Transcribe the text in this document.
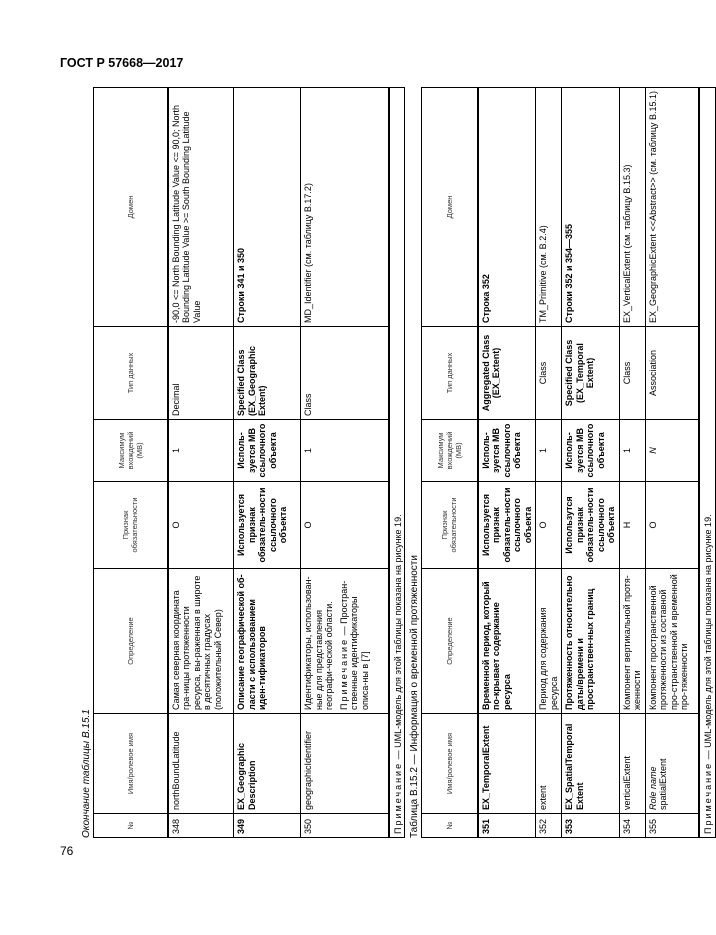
ГОСТ Р 57668—2017
Окончание таблицы В.15.1	№	Имя/ролевое имя	Определение	Признак обязательности	Максимум вхождений (МВ)	Тип данных	Домен
348	northBoundLatitude	Самая северная координата гра-ницы протяженности ресурса, вы-раженная в широте в десятичных градусах (положительный Север)	O	1	Decimal	-90,0 <= North Bounding Latitude Value <= 90,0; North Bounding Latitude Value >= South Bounding Latitude Value
349	EX_Geographic Description	Описание географической об-ласти с использованием иден-тификаторов	Используется признак обязатель-ности ссылочного объекта	Исполь-зуется МВ ссылочного объекта	Specified Class (EX_Geographic Extent)	Строки 341 и 350
350	geographicIdentifier	Идентификаторы, использован-ные для представления географи-ческой области. Примечание — Простран-ственные идентификаторы описа-ны в [7]	O	1	Class	MD_Identifier (см. таблицу В.17.2)
Примечание — UML-модель для этой таблицы показана на рисунке 19.						Таблица В.15.2 — Информация о временной протяженности	№	Имя/ролевое имя	Определение	Признак обязательности	Максимум вхождений (МВ)	Тип данных	Домен
351	EX_TemporalExtent	Временной период, который по-крывает содержание ресурса	Используется признак обязатель-ности ссылочного объекта	Исполь-зуется МВ ссылочного объекта	Aggregated Class (EX_Extent)	Строка 352
352	extent	Период для содержания ресурса	O	1	Class	TM_Primitive (см. В.2.4)
353	EX_SpatialTemporal Extent	Протяженность относительно даты/времени и пространствен-ных границ	Использутся признак обязатель-ности ссылочного объекта	Исполь-зуется МВ ссылочного объекта	Specified Class (EX_Temporal Extent)	Строки 352 и 354—355
354	verticalExtent	Компонент вертикальной протя-женности	Н	1	Class	EX_VerticalExtent (см. таблицу В.15.3)
355	Role name spatialExtent	Компонент пространственной протяженности из составной про-странственной и временной про-тяженности	O	N	Association	EX_GeographicExtent <<Abstract>> (см. таблицу В.15.1)
Примечание — UML-модель для этой таблицы показана на рисунке 19.						
76
